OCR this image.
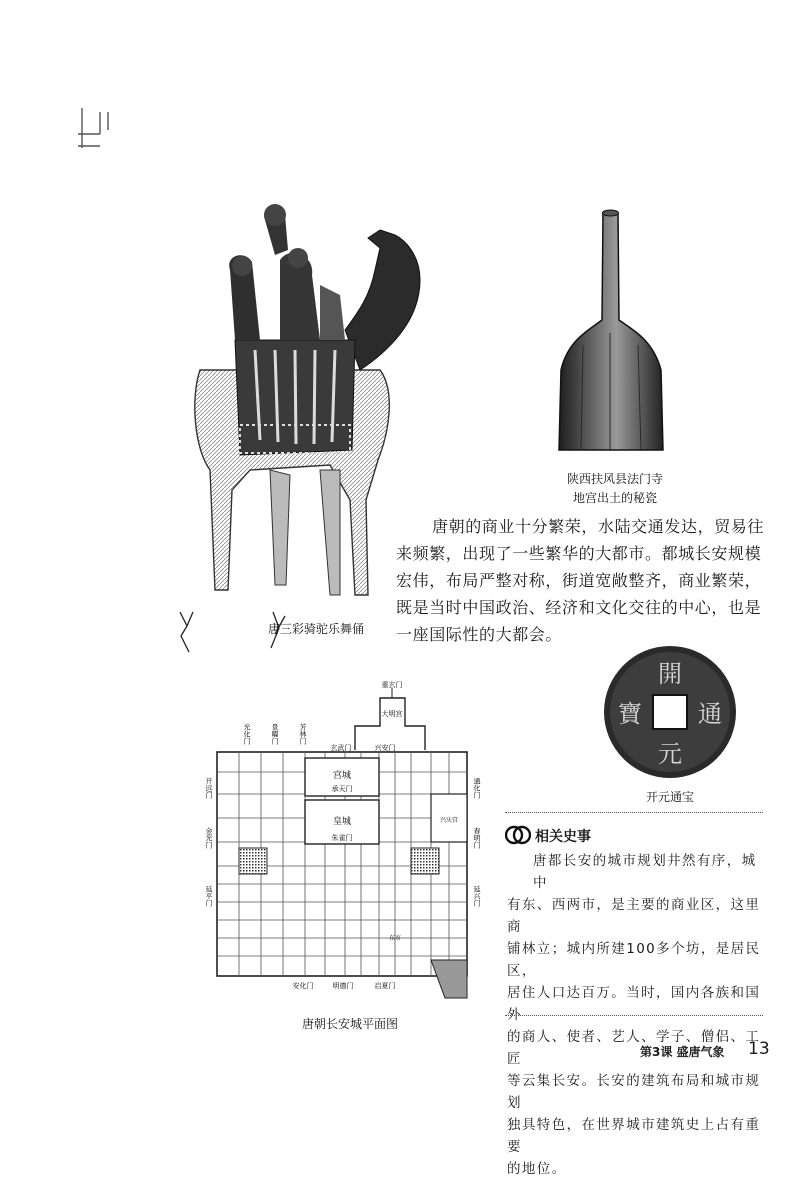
唐三彩骑驼乐舞俑
陕西扶风县法门寺
地宫出土的秘瓷
唐朝的商业十分繁荣，水陆交通发达，贸易往
来频繁，出现了一些繁华的大都市。都城长安规模
宏伟，布局严整对称，街道宽敞整齐，商业繁荣，
既是当时中国政治、经济和文化交往的中心，也是
一座国际性的大都会。
開
元
寶 通
开元通宝
重玄门
大明宫
玄武门	兴安门
宫城
承天门
皇城
朱雀门
兴庆宫
东市
光化门	景曜门	芳林门
开远门
金光门
延平门
通化门
春明门
延兴门
安化门	明德门	启夏门
唐朝长安城平面图
相关史事
唐都长安的城市规划井然有序，城中
有东、西两市，是主要的商业区，这里商
铺林立；城内所建100多个坊，是居民区，
居住人口达百万。当时，国内各族和国外
的商人、使者、艺人、学子、僧侣、工匠
等云集长安。长安的建筑布局和城市规划
独具特色，在世界城市建筑史上占有重要
的地位。
第3课 盛唐气象 13
